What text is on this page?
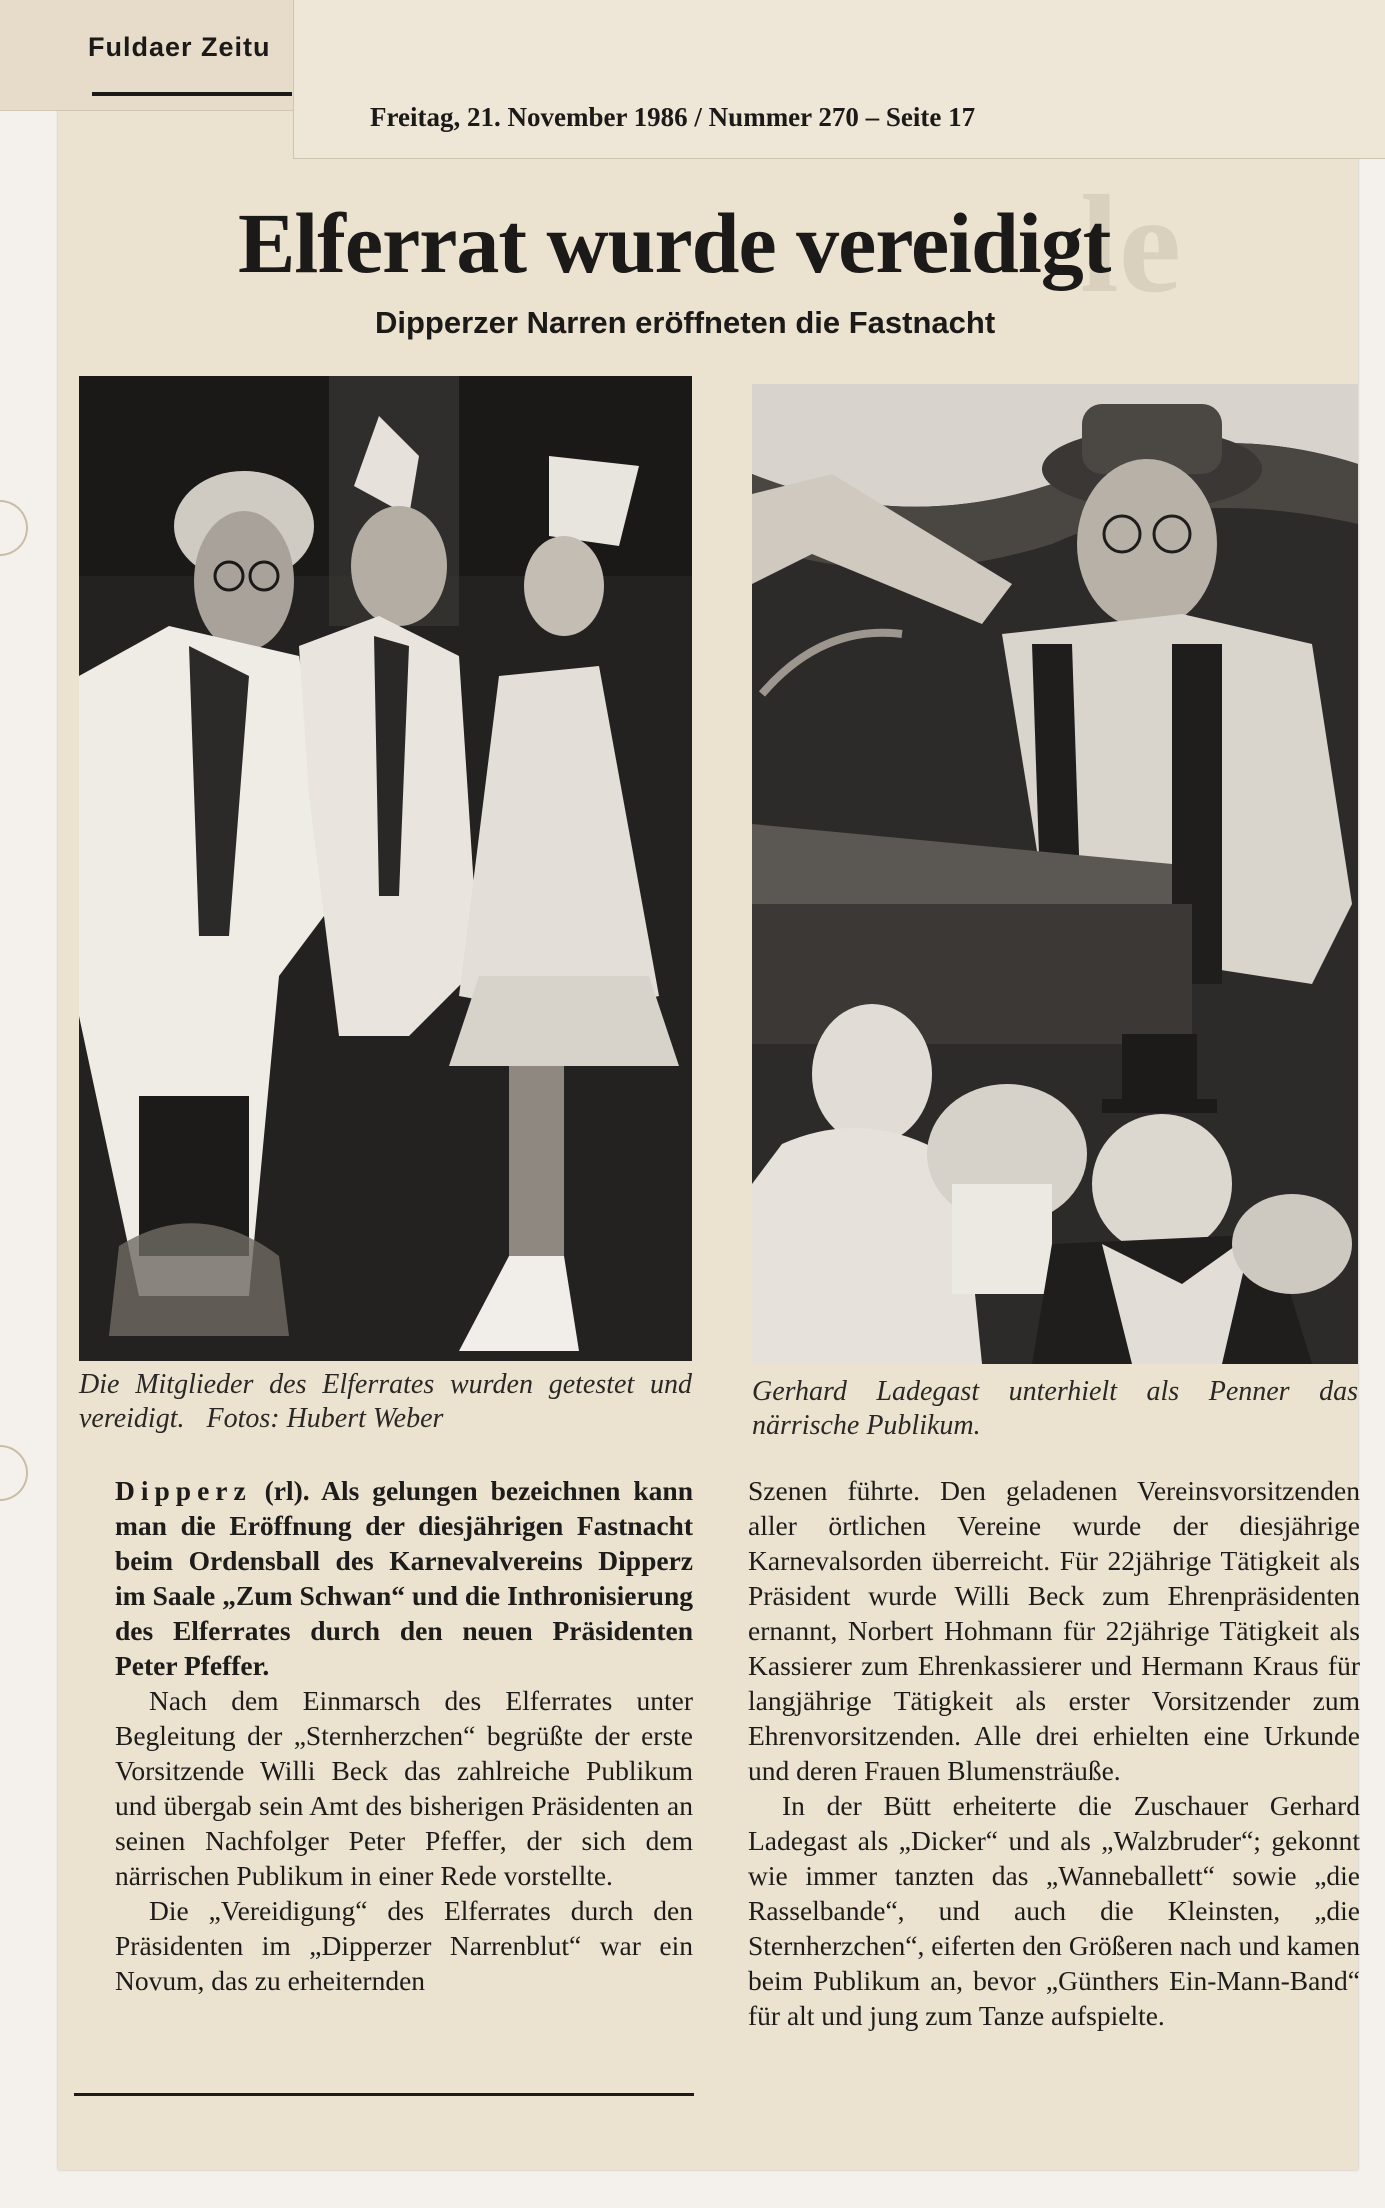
le
Fuldaer Zeitu
Freitag, 21. November 1986 / Nummer 270 – Seite 17
Elferrat wurde vereidigt
Dipperzer Narren eröffneten die Fastnacht
Die Mitglieder des Elferrates wurden getestet und vereidigt. Fotos: Hubert Weber
Gerhard Ladegast unterhielt als Penner das närrische Publikum.

Dipperz (rl). Als gelungen bezeichnen kann man die Eröffnung der diesjährigen Fastnacht beim Ordensball des Karnevalvereins Dipperz im Saale „Zum Schwan“ und die Inthronisierung des Elferrates durch den neuen Präsidenten Peter Pfeffer.

Nach dem Einmarsch des Elferrates unter Begleitung der „Sternherzchen“ begrüßte der erste Vorsitzende Willi Beck das zahlreiche Publikum und übergab sein Amt des bisherigen Präsidenten an seinen Nachfolger Peter Pfeffer, der sich dem närrischen Publikum in einer Rede vorstellte.

Die „Vereidigung“ des Elferrates durch den Präsidenten im „Dipperzer Narrenblut“ war ein Novum, das zu erheiternden

Szenen führte. Den geladenen Vereinsvorsitzenden aller örtlichen Vereine wurde der diesjährige Karnevalsorden überreicht. Für 22jährige Tätigkeit als Präsident wurde Willi Beck zum Ehrenpräsidenten ernannt, Norbert Hohmann für 22jährige Tätigkeit als Kassierer zum Ehrenkassierer und Hermann Kraus für langjährige Tätigkeit als erster Vorsitzender zum Ehrenvorsitzenden. Alle drei erhielten eine Urkunde und deren Frauen Blumensträuße.

In der Bütt erheiterte die Zuschauer Gerhard Ladegast als „Dicker“ und als „Walzbruder“; gekonnt wie immer tanzten das „Wanneballett“ sowie „die Rasselbande“, und auch die Kleinsten, „die Sternherzchen“, eiferten den Größeren nach und kamen beim Publikum an, bevor „Günthers Ein-Mann-Band“ für alt und jung zum Tanze aufspielte.
